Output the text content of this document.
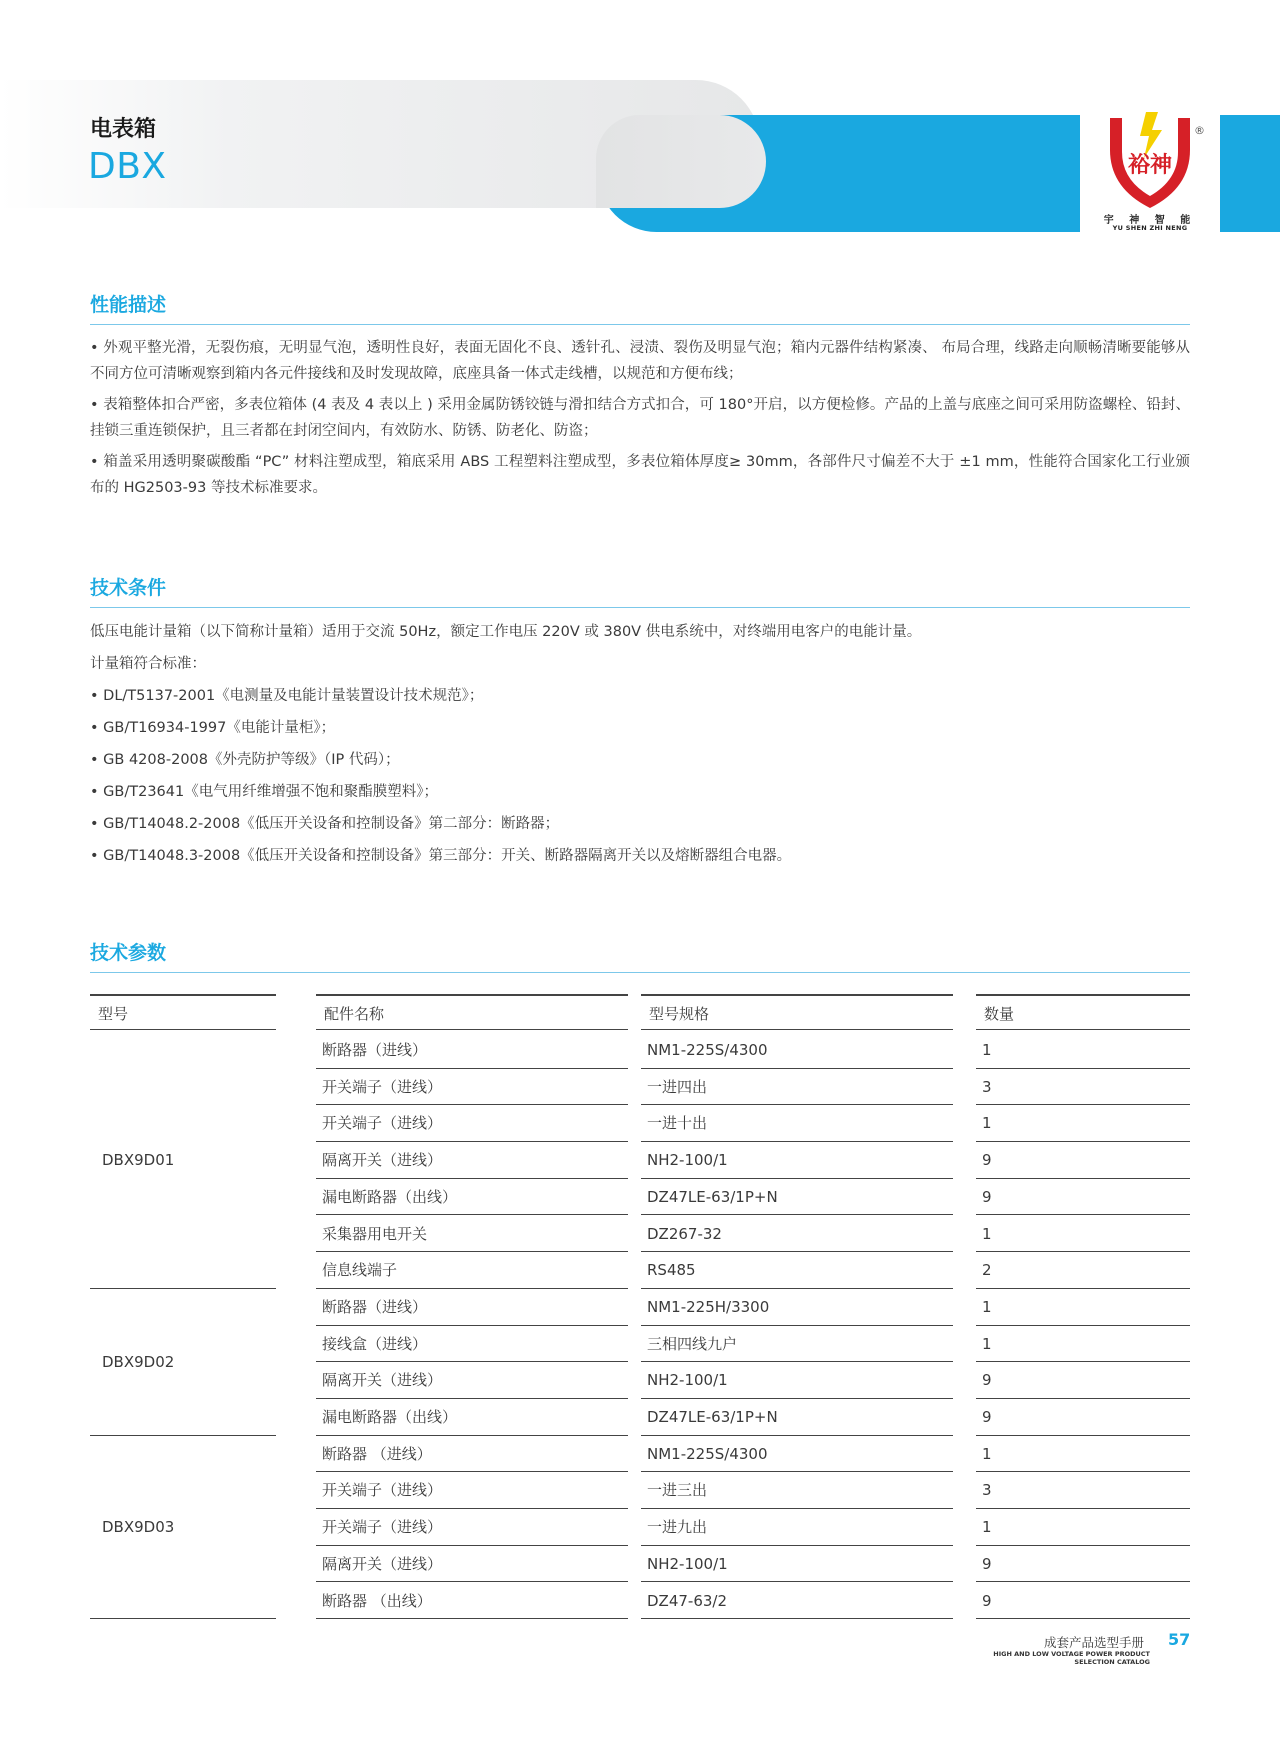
电表箱
DBX	裕神
宇 神 智 能
YU SHEN ZHI NENG
®
性能描述
• 外观平整光滑，无裂伤痕，无明显气泡，透明性良好，表面无固化不良、透针孔、浸渍、裂伤及明显气泡；箱内元器件结构紧凑、 布局合理，线路走向顺畅清晰要能够从不同方位可清晰观察到箱内各元件接线和及时发现故障，底座具备一体式走线槽，以规范和方便布线；
• 表箱整体扣合严密，多表位箱体 (4 表及 4 表以上 ) 采用金属防锈铰链与滑扣结合方式扣合，可 180°开启，以方便检修。产品的上盖与底座之间可采用防盗螺栓、铅封、挂锁三重连锁保护，且三者都在封闭空间内，有效防水、防锈、防老化、防盗；
• 箱盖采用透明聚碳酸酯 “PC” 材料注塑成型，箱底采用 ABS 工程塑料注塑成型，多表位箱体厚度≥ 30mm，各部件尺寸偏差不大于 ±1 mm，性能符合国家化工行业颁布的 HG2503-93 等技术标准要求。
技术条件
低压电能计量箱（以下简称计量箱）适用于交流 50Hz，额定工作电压 220V 或 380V 供电系统中，对终端用电客户的电能计量。
计量箱符合标准：
• DL/T5137-2001《电测量及电能计量装置设计技术规范》；
• GB/T16934-1997《电能计量柜》；
• GB 4208-2008《外壳防护等级》（IP 代码）；
• GB/T23641《电气用纤维增强不饱和聚酯膜塑料》；
• GB/T14048.2-2008《低压开关设备和控制设备》第二部分：断路器；
• GB/T14048.3-2008《低压开关设备和控制设备》第三部分：开关、断路器隔离开关以及熔断器组合电器。
技术参数
型号	配件名称	型号规格	数量
DBX9D01
断路器（进线）	NM1-225S/4300	1
开关端子（进线）	一进四出	3
开关端子（进线）	一进十出	1
隔离开关（进线）	NH2-100/1	9
漏电断路器（出线）	DZ47LE-63/1P+N	9
采集器用电开关	DZ267-32	1
信息线端子	RS485	2
DBX9D02
断路器（进线）	NM1-225H/3300	1
接线盒（进线）	三相四线九户	1
隔离开关（进线）	NH2-100/1	9
漏电断路器（出线）	DZ47LE-63/1P+N	9
DBX9D03
断路器 （进线）	NM1-225S/4300	1
开关端子（进线）	一进三出	3
开关端子（进线）	一进九出	1
隔离开关（进线）	NH2-100/1	9
断路器 （出线）	DZ47-63/2	9
成套产品选型手册
HIGH AND LOW VOLTAGE POWER PRODUCT
SELECTION CATALOG
57
